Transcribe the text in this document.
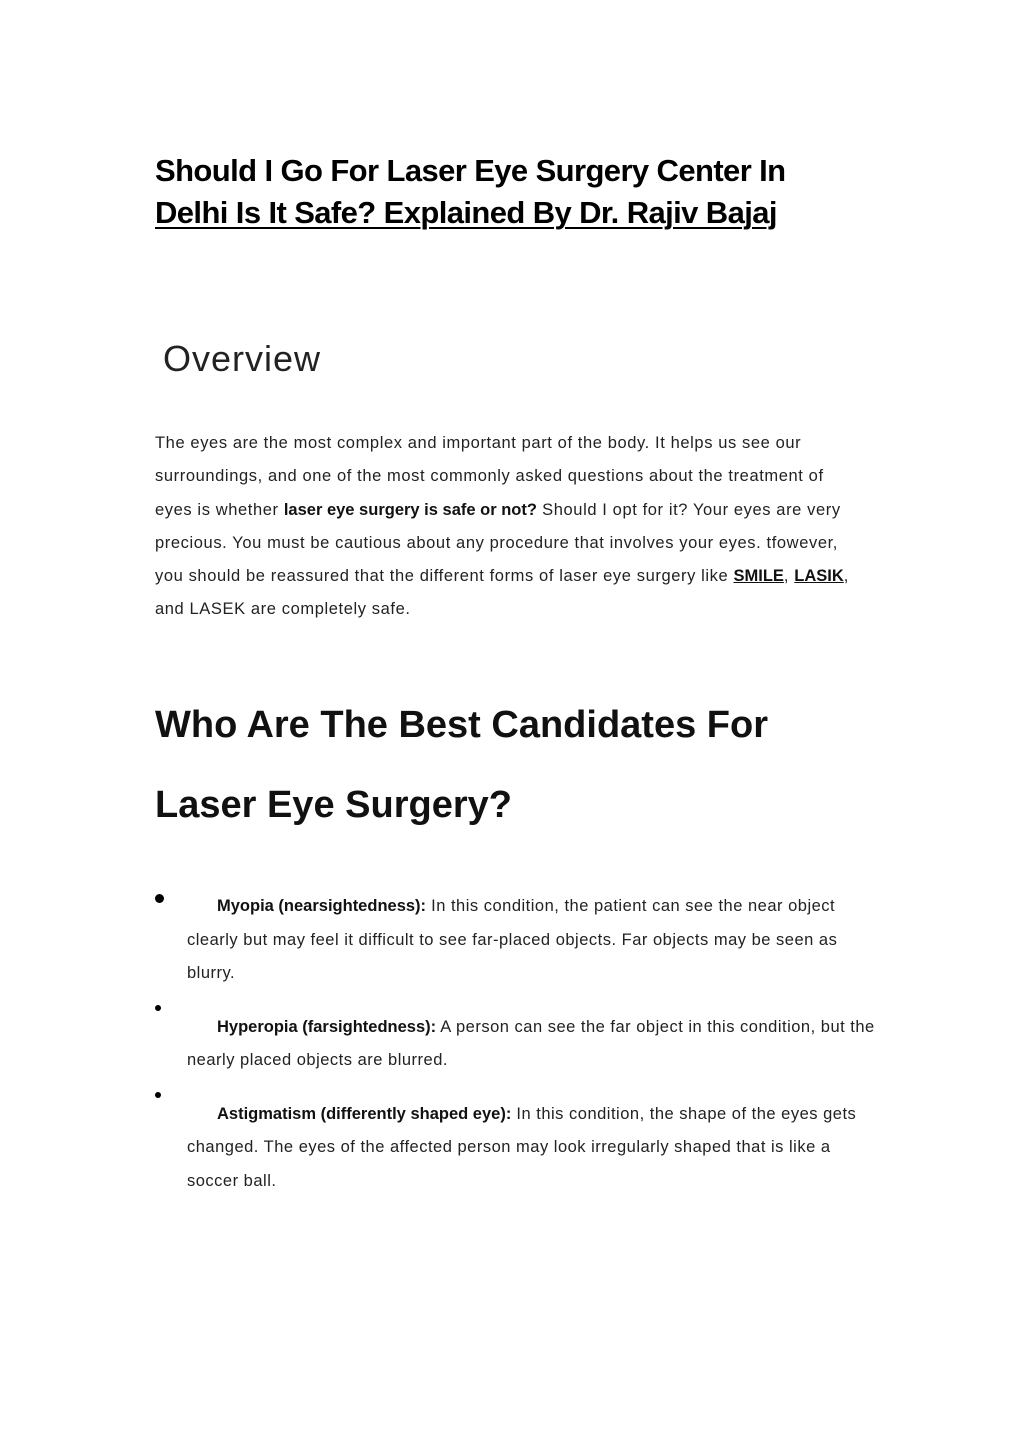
Should I Go For Laser Eye Surgery Center In
Delhi Is It Safe? Explained By Dr. Rajiv Bajaj
Overview

The eyes are the most complex and important part of the body. It helps us see our surroundings, and one of the most commonly asked questions about the treatment of eyes is whether laser eye surgery is safe or not? Should I opt for it? Your eyes are very precious. You must be cautious about any procedure that involves your eyes. tfowever, you should be reassured that the different forms of laser eye surgery like SMILE, LASIK, and LASEK are completely safe.

Who Are The Best Candidates For Laser Eye Surgery?
Myopia (nearsightedness): In this condition, the patient can see the near object clearly but may feel it difficult to see far-placed objects. Far objects may be seen as blurry.
Hyperopia (farsightedness): A person can see the far object in this condition, but the nearly placed objects are blurred.
Astigmatism (differently shaped eye): In this condition, the shape of the eyes gets changed. The eyes of the affected person may look irregularly shaped that is like a soccer ball.
